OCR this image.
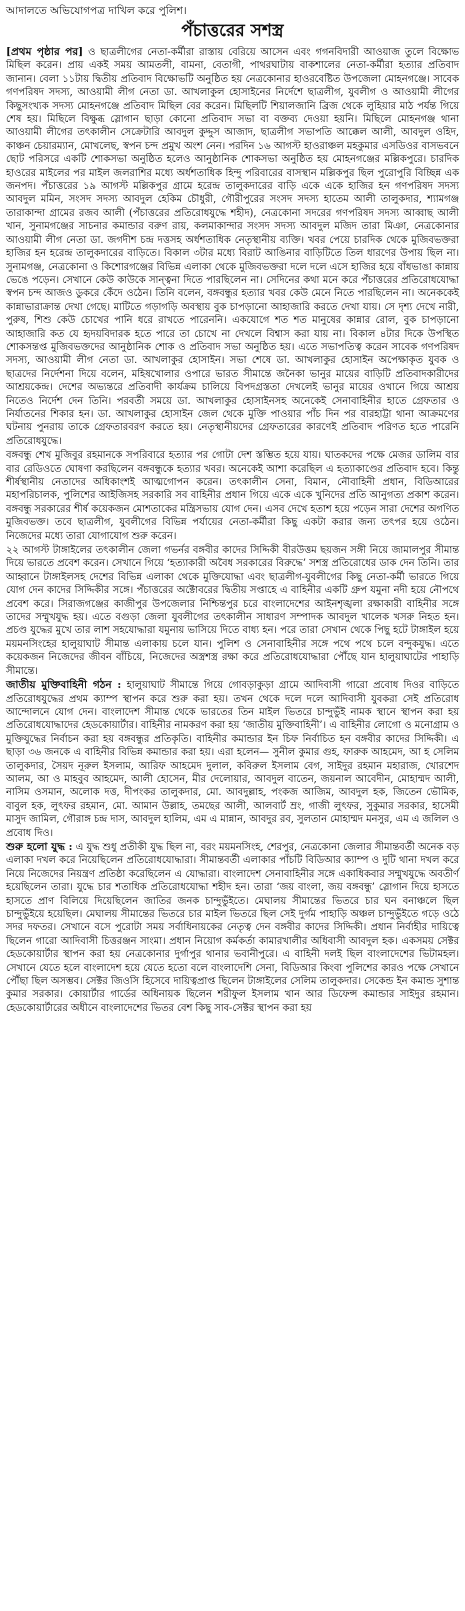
আদালতে অভিযোগপত্র দাখিল করে পুলিশ।
পঁচাত্তরের সশস্ত্র

[প্রথম পৃষ্ঠার পর] ও ছাত্রলীগের নেতা-কর্মীরা রাস্তায় বেরিয়ে আসেন এবং গগনবিদারী আওয়াজ তুলে বিক্ষোভ মিছিল করেন। প্রায় একই সময় আমতলী, বামনা, বেতাগী, পাথরঘাটায় বাকশালের নেতা-কর্মীরা হত্যার প্রতিবাদ জানান। বেলা ১১টায় দ্বিতীয় প্রতিবাদ বিক্ষোভটি অনুষ্ঠিত হয় নেত্রকোনার হাওরবেষ্টিত উপজেলা মোহনগঞ্জে। সাবেক গণপরিষদ সদস্য, আওয়ামী লীগ নেতা ডা. আখলাকুল হোসাইনের নির্দেশে ছাত্রলীগ, যুবলীগ ও আওয়ামী লীগের কিছুসংখ্যক সদস্য মোহনগঞ্জে প্রতিবাদ মিছিল বের করেন। মিছিলটি শিয়ালজানি ব্রিজ থেকে লুহিয়ার মাঠ পর্যন্ত গিয়ে শেষ হয়। মিছিলে বিক্ষুব্ধ স্লোগান ছাড়া কোনো প্রতিবাদ সভা বা বক্তব্য দেওয়া হয়নি। মিছিলে মোহনগঞ্জ থানা আওয়ামী লীগের তৎকালীন সেক্রেটারি আবদুল কুদ্দুস আজাদ, ছাত্রলীগ সভাপতি আক্কেল আলী, আবদুল ওহিদ, কাঞ্চন চেয়ারম্যান, মোখলেছ, স্বপন চন্দ প্রমুখ অংশ নেন। পরদিন ১৬ আগস্ট হাওরাঞ্চল মহকুমার এসডিওর বাসভবনে ছোট পরিসরে একটি শোকসভা অনুষ্ঠিত হলেও আনুষ্ঠানিক শোকসভা অনুষ্ঠিত হয় মোহনগঞ্জের মল্লিকপুরে। চারদিক হাওরের মাইলের পর মাইল জলরাশির মধ্যে অর্ধশতাধিক হিন্দু পরিবারের বাসস্থান মল্লিকপুর ছিল পুরোপুরি বিচ্ছিন্ন এক জনপদ। পঁচাত্তরের ১৯ আগস্ট মল্লিকপুর গ্রামে হরেন্দ্র তালুকদারের বাড়ি একে একে হাজির হন গণপরিষদ সদস্য আবদুল মমিন, সংসদ সদস্য আবদুল হেকিম চৌধুরী, গৌরীপুরের সংসদ সদস্য হাতেম আলী তালুকদার, শ্যামগঞ্জ তারাকান্দা গ্রামের রজব আলী (পঁচাত্তরের প্রতিরোধযুদ্ধে শহীদ), নেত্রকোনা সদরের গণপরিষদ সদস্য আব্বাছ আলী খান, সুনামগঞ্জের সাচনার কমান্ডার বরুণ রায়, কলমাকান্দার সংসদ সদস্য আবদুল মজিদ তারা মিঞা, নেত্রকোনার আওয়ামী লীগ নেতা ডা. জগদীশ চন্দ্র দত্তসহ অর্ধশতাধিক নেতৃস্থানীয় ব্যক্তি। খবর পেয়ে চারদিক থেকে মুজিবভক্তরা হাজির হন হরেন্দ্র তালুকদারের বাড়িতে। বিকাল ৩টার মধ্যে বিরাট আঙিনার বাড়িটিতে তিল ধারণের উপায় ছিল না। সুনামগঞ্জ, নেত্রকোনা ও কিশোরগঞ্জের বিভিন্ন এলাকা থেকে মুজিবভক্তরা দলে দলে এসে হাজির হয়ে বাঁধভাঙা কান্নায় ভেঙে পড়েন। সেখানে কেউ কাউকে সান্ত্বনা দিতে পারছিলেন না। সেদিনের কথা মনে করে পঁচাত্তরের প্রতিরোধযোদ্ধা স্বপন চন্দ আজও ডুকরে কেঁদে ওঠেন। তিনি বলেন, বঙ্গবন্ধুর হত্যার খবর কেউ মেনে নিতে পারছিলেন না। অনেককেই কান্নাভারাক্রান্ত দেখা গেছে। মাটিতে গড়াগড়ি অবস্থায় বুক চাপড়ানো আহাজারি করতে দেখা যায়। সে দৃশ্য দেখে নারী, পুরুষ, শিশু কেউ চোখের পানি ধরে রাখতে পারেননি। একযোগে শত শত মানুষের কান্নার রোল, বুক চাপড়ানো আহাজারি কত যে হৃদয়বিদারক হতে পারে তা চোখে না দেখলে বিশ্বাস করা যায় না। বিকাল ৪টার দিকে উপস্থিত শোকসন্তপ্ত মুজিবভক্তদের আনুষ্ঠানিক শোক ও প্রতিবাদ সভা অনুষ্ঠিত হয়। এতে সভাপতিত্ব করেন সাবেক গণপরিষদ সদস্য, আওয়ামী লীগ নেতা ডা. আখলাকুর হোসাইন। সভা শেষে ডা. আখলাকুর হোসাইন অপেক্ষাকৃত যুবক ও ছাত্রদের নির্দেশনা দিয়ে বলেন, মহিষখোলার ওপারে ভারত সীমান্তে জনৈকা ভানুর মায়ের বাড়িটি প্রতিবাদকারীদের আশ্রয়কেন্দ্র। দেশের অভ্যন্তরে প্রতিবাদী কার্যক্রম চালিয়ে বিপদগ্রস্ততা দেখলেই ভানুর মায়ের ওখানে গিয়ে আশ্রয় নিতেও নির্দেশ দেন তিনি। পরবর্তী সময়ে ডা. আখলাকুর হোসাইনসহ অনেকেই সেনাবাহিনীর হাতে গ্রেফতার ও নির্যাতনের শিকার হন। ডা. আখলাকুর হোসাইন জেল থেকে মুক্তি পাওয়ার পাঁচ দিন পর বারহাট্টা থানা আক্রমণের ঘটনায় পুনরায় তাকে গ্রেফতারবরণ করতে হয়। নেতৃস্থানীয়দের গ্রেফতারের কারণেই প্রতিবাদ পরিণত হতে পারেনি প্রতিরোধযুদ্ধে।

বঙ্গবন্ধু শেখ মুজিবুর রহমানকে সপরিবারে হত্যার পর গোটা দেশ স্তম্ভিত হয়ে যায়। ঘাতকদের পক্ষে মেজর ডালিম বার বার রেডিওতে ঘোষণা করছিলেন বঙ্গবন্ধুকে হত্যার খবর। অনেকেই আশা করেছিল এ হত্যাকাণ্ডের প্রতিবাদ হবে। কিন্তু শীর্ষস্থানীয় নেতাদের অধিকাংশই আত্মগোপন করেন। তৎকালীন সেনা, বিমান, নৌবাহিনী প্রধান, বিডিআরের মহাপরিচালক, পুলিশের আইজিসহ সরকারি সব বাহিনীর প্রধান গিয়ে একে একে খুনিদের প্রতি আনুগত্য প্রকাশ করেন। বঙ্গবন্ধু সরকারের শীর্ষ কয়েকজন মোশতাকের মন্ত্রিসভায় যোগ দেন। এসব দেখে হতাশ হয়ে পড়েন সারা দেশের অগণিত মুজিবভক্ত। তবে ছাত্রলীগ, যুবলীগের বিভিন্ন পর্যায়ের নেতা-কর্মীরা কিছু একটা করার জন্য তৎপর হয়ে ওঠেন। নিজেদের মধ্যে তারা যোগাযোগ শুরু করেন।

২২ আগস্ট টাঙ্গাইলের তৎকালীন জেলা গভর্নর বঙ্গবীর কাদের সিদ্দিকী বীরউত্তম ছয়জন সঙ্গী নিয়ে জামালপুর সীমান্ত দিয়ে ভারতে প্রবেশ করেন। সেখানে গিয়ে ‘হত্যাকারী অবৈধ সরকারের বিরুদ্ধে’ সশস্ত্র প্রতিরোধের ডাক দেন তিনি। তার আহ্বানে টাঙ্গাইলসহ দেশের বিভিন্ন এলাকা থেকে মুক্তিযোদ্ধা এবং ছাত্রলীগ-যুবলীগের কিছু নেতা-কর্মী ভারতে গিয়ে যোগ দেন কাদের সিদ্দিকীর সঙ্গে। পঁচাত্তরের অক্টোবরের দ্বিতীয় সপ্তাহে এ বাহিনীর একটি গ্রুপ যমুনা নদী হয়ে নৌপথে প্রবেশ করে। সিরাজগঞ্জের কাজীপুর উপজেলার নিশ্চিন্তপুর চরে বাংলাদেশের আইনশৃঙ্খলা রক্ষাকারী বাহিনীর সঙ্গে তাদের সম্মুখযুদ্ধ হয়। এতে বগুড়া জেলা যুবলীগের তৎকালীন সাধারণ সম্পাদক আবদুল খালেক খসরু নিহত হন। প্রচণ্ড যুদ্ধের মুখে তার লাশ সহযোদ্ধারা যমুনায় ভাসিয়ে দিতে বাধ্য হন। পরে তারা সেখান থেকে পিছু হটে টাঙ্গাইল হয়ে ময়মনসিংহের হালুয়াঘাট সীমান্ত এলাকায় চলে যান। পুলিশ ও সেনাবাহিনীর সঙ্গে পথে পথে চলে বন্দুকযুদ্ধ। এতে কয়েকজন নিজেদের জীবন বাঁচিয়ে, নিজেদের অস্ত্রশস্ত্র রক্ষা করে প্রতিরোধযোদ্ধারা পৌঁছে যান হালুয়াঘাটের পাহাড়ি সীমান্তে।

জাতীয় মুক্তিবাহিনী গঠন : হালুয়াঘাট সীমান্তে গিয়ে গোবড়াকুড়া গ্রামে আদিবাসী গারো প্রবোধ দিওর বাড়িতে প্রতিরোধযুদ্ধের প্রথম ক্যাম্প স্থাপন করে শুরু করা হয়। তখন থেকে দলে দলে আদিবাসী যুবকরা সেই প্রতিরোধ আন্দোলনে যোগ দেন। বাংলাদেশ সীমান্ত থেকে ভারতের তিন মাইল ভিতরে চান্দুভুঁই নামক স্থানে স্থাপন করা হয় প্রতিরোধযোদ্ধাদের হেডকোয়ার্টার। বাহিনীর নামকরণ করা হয় ‘জাতীয় মুক্তিবাহিনী’। এ বাহিনীর লোগো ও মনোগ্রাম ও মুক্তিযুদ্ধের নির্বাচন করা হয় বঙ্গবন্ধুর প্রতিকৃতি। বাহিনীর কমান্ডার ইন চিফ নির্বাচিত হন বঙ্গবীর কাদের সিদ্দিকী। এ ছাড়া ৩৬ জনকে এ বাহিনীর বিভিন্ন কমান্ডার করা হয়। এরা হলেন— সুনীল কুমার গুহ, ফারুক আহমেদ, আ হ সেলিম তালুকদার, সৈয়দ নূরুল ইসলাম, আরিফ আহমেদ দুলাল, কবিরুল ইসলাম বেগ, সাইদুর রহমান মহারাজ, খোরশেদ আলম, আ ও মাহবুব আহমেদ, আলী হোসেন, মীর দেলোয়ার, আবদুল বাতেন, জয়নাল আবেদীন, মোহাম্মদ আলী, নাসিম ওসমান, অলোক দত্ত, দীপংকর তালুকদার, মো. আবদুল্লাহ, পংকজ আজিম, আবদুল হক, জিতেন ভৌমিক, বাবুল হক, লুৎফর রহমান, মো. আমান উল্লাহ, তমছের আলী, আলবার্ট ম্রং, গাজী লুৎফর, সুকুমার সরকার, হাসেমী মাসুদ জামিল, গৌরাঙ্গ চন্দ্র দাস, আবদুল হালিম, এম এ মান্নান, আবদুর রব, সুলতান মোহাম্মদ মনসুর, এম এ জলিল ও প্রবোধ দিও।

শুরু হলো যুদ্ধ : এ যুদ্ধ শুধু প্রতীকী যুদ্ধ ছিল না, বরং ময়মনসিংহ, শেরপুর, নেত্রকোনা জেলার সীমান্তবর্তী অনেক বড় এলাকা দখল করে নিয়েছিলেন প্রতিরোধযোদ্ধারা। সীমান্তবর্তী এলাকার পাঁচটি বিডিআর ক্যাম্প ও দুটি থানা দখল করে নিয়ে নিজেদের নিয়ন্ত্রণ প্রতিষ্ঠা করেছিলেন এ যোদ্ধারা। বাংলাদেশ সেনাবাহিনীর সঙ্গে একাধিকবার সম্মুখযুদ্ধে অবতীর্ণ হয়েছিলেন তারা। যুদ্ধে চার শতাধিক প্রতিরোধযোদ্ধা শহীদ হন। তারা ‘জয় বাংলা, জয় বঙ্গবন্ধু’ স্লোগান দিয়ে হাসতে হাসতে প্রাণ বিলিয়ে দিয়েছিলেন জাতির জনক চান্দুভুঁইতে। মেঘালয় সীমান্তের ভিতরে চার ঘন বনাঞ্চলে ছিল চান্দুভুঁইয়ে হয়েছিল। মেঘালয় সীমান্তের ভিতরে চার মাইল ভিতরে ছিল সেই দুর্গম পাহাড়ি অঞ্চল চান্দুভুঁইতে গড়ে ওঠে সদর দফতর। সেখানে বসে পুরোটা সময় সর্বাধিনায়কের নেতৃত্ব দেন বঙ্গবীর কাদের সিদ্দিকী। প্রধান নির্বাহীর দায়িত্বে ছিলেন গারো আদিবাসী চিত্তরঞ্জন সাংমা। প্রধান নিয়োগ কর্মকর্তা কামারখালীর অধিবাসী আবদুল হক। একসময় সেক্টর হেডকোয়ার্টার স্থাপন করা হয় নেত্রকোনার দুর্গাপুর থানার ভবানীপুরে। এ বাহিনী দলই ছিল বাংলাদেশের ভিটামহল। সেখানে যেতে হলে বাংলাদেশ হয়ে যেতে হতো বলে বাংলাদেশি সেনা, বিডিআর কিংবা পুলিশের কারও পক্ষে সেখানে পৌঁছা ছিল অসম্ভব। সেক্টর জিওসি হিসেবে দায়িত্বপ্রাপ্ত ছিলেন টাঙ্গাইলের সেলিম তালুকদার। সেকেন্ড ইন কমান্ড সুশান্ত কুমার সরকার। কোয়ার্টার গার্ডের অধিনায়ক ছিলেন শরীফুল ইসলাম খান আর ডিফেন্স কমান্ডার সাইদুর রহমান। হেডকোয়ার্টারের অধীনে বাংলাদেশের ভিতর বেশ কিছু সাব-সেক্টর স্থাপন করা হয়
